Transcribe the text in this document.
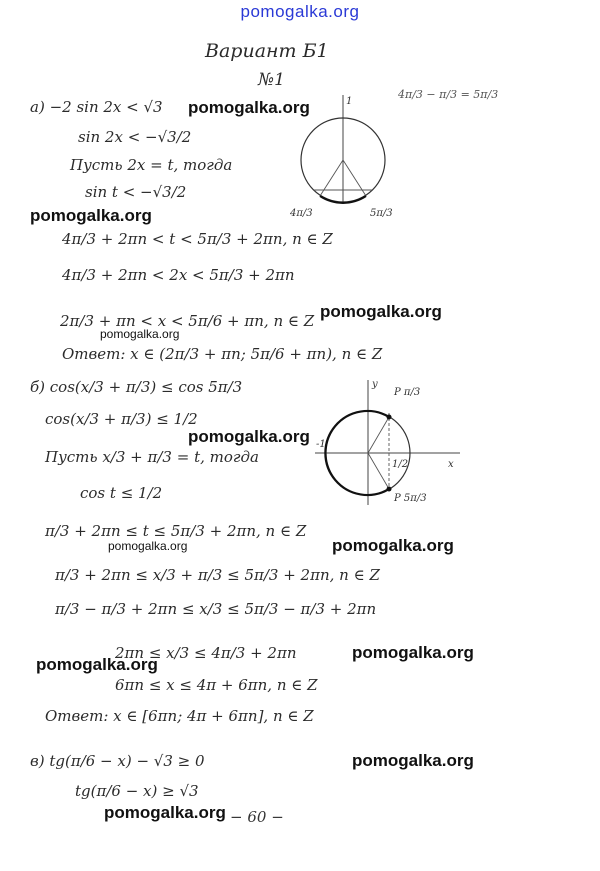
pomogalka.org
Вариант Б1
№1
4π/3 − π/3 = 5π/3
а) −2 sin 2x < √3
sin 2x < −√3/2
Пусть 2x = t, тогда
sin t < −√3/2
4π/3 + 2πn < t < 5π/3 + 2πn, n ∈ Z
4π/3 + 2πn < 2x < 5π/3 + 2πn
2π/3 + πn < x < 5π/6 + πn, n ∈ Z
Ответ: x ∈ (2π/3 + πn; 5π/6 + πn), n ∈ Z
б) cos(x/3 + π/3) ≤ cos 5π/3
cos(x/3 + π/3) ≤ 1/2
Пусть x/3 + π/3 = t, тогда
cos t ≤ 1/2
π/3 + 2πn ≤ t ≤ 5π/3 + 2πn, n ∈ Z
π/3 + 2πn ≤ x/3 + π/3 ≤ 5π/3 + 2πn, n ∈ Z
π/3 − π/3 + 2πn ≤ x/3 ≤ 5π/3 − π/3 + 2πn
2πn ≤ x/3 ≤ 4π/3 + 2πn
6πn ≤ x ≤ 4π + 6πn, n ∈ Z
Ответ: x ∈ [6πn; 4π + 6πn], n ∈ Z
в) tg(π/6 − x) − √3 ≥ 0
tg(π/6 − x) ≥ √3
− 60 −
1
4π/3	5π/3
P π/3
P 5π/3
1/2	x
y
-1
pomogalka.org
pomogalka.org
pomogalka.org
pomogalka.org
pomogalka.org
pomogalka.org	pomogalka.org
pomogalka.org
pomogalka.org
pomogalka.org
pomogalka.org
